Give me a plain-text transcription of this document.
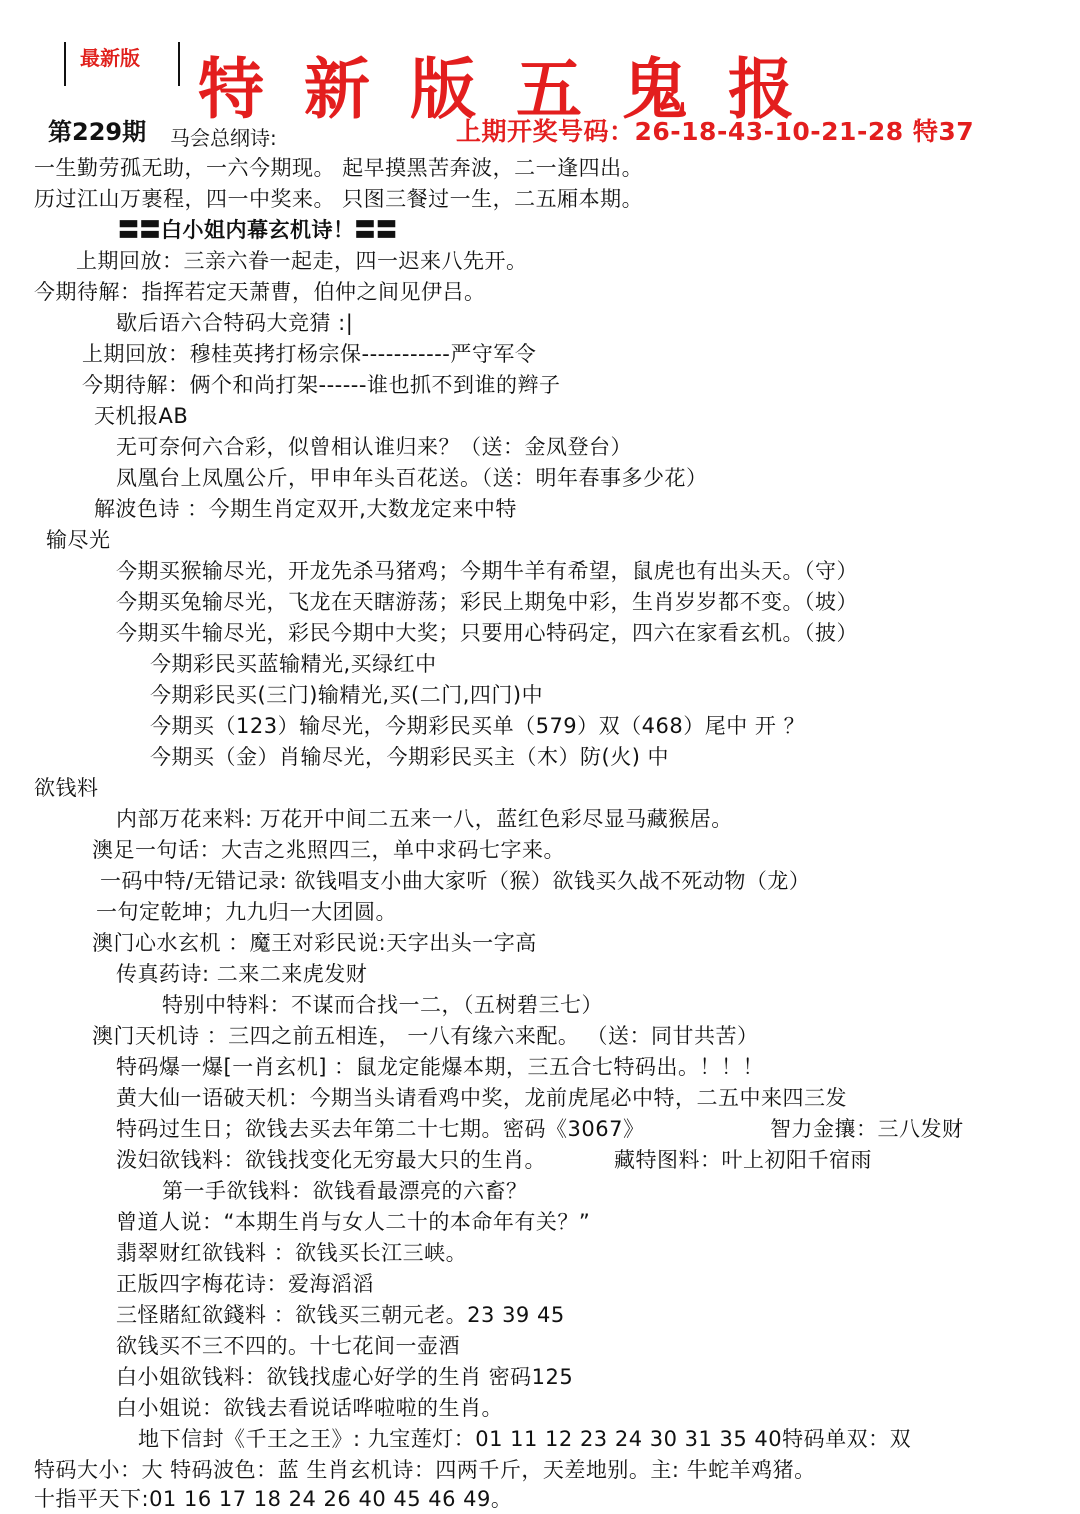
最新版 特新版五鬼报
第229期 马会总纲诗:	上期开奖号码：26-18-43-10-21-28 特37
一生勤劳孤无助，一六今期现。 起早摸黑苦奔波，二一逢四出。
历过江山万裹程，四一中奖来。 只图三餐过一生，二五厢本期。
〓〓白小姐内幕玄机诗！〓〓
上期回放：三亲六眷一起走，四一迟来八先开。
今期待解：指挥若定天萧曹，伯仲之间见伊吕。
歇后语六合特码大竞猜 :|
上期回放：穆桂英拷打杨宗保-----------严守军令
今期待解：俩个和尚打架------谁也抓不到谁的辫子
天机报AB
无可奈何六合彩，似曾相认谁归来？（送：金凤登台）
凤凰台上凤凰公斤，甲申年头百花送。（送：明年春事多少花）
解波色诗 ：今期生肖定双开,大数龙定来中特
输尽光
今期买猴输尽光，开龙先杀马猪鸡；今期牛羊有希望，鼠虎也有出头天。（守）
今期买兔输尽光，飞龙在天瞎游荡；彩民上期兔中彩，生肖岁岁都不变。（坡）
今期买牛输尽光，彩民今期中大奖；只要用心特码定，四六在家看玄机。（披）
今期彩民买蓝输精光,买绿红中
今期彩民买(三门)输精光,买(二门,四门)中
今期买（123）输尽光，今期彩民买单（579）双（468）尾中 开 ？
今期买（金）肖输尽光，今期彩民买主（木）防(火) 中
欲钱料
内部万花来料: 万花开中间二五来一八，蓝红色彩尽显马藏猴居。
澳足一句话：大吉之兆照四三，单中求码七字来。
一码中特/无错记录: 欲钱唱支小曲大家听（猴）欲钱买久战不死动物（龙）
一句定乾坤；九九归一大团圆。
澳门心水玄机 ：魔王对彩民说:天字出头一字高
传真药诗: 二来二来虎发财
特别中特料：不谋而合找一二，（五树碧三七）
澳门天机诗 ：三四之前五相连， 一八有缘六来配。 （送：同甘共苦）
特码爆一爆[一肖玄机] ：鼠龙定能爆本期，三五合七特码出。！！！
黄大仙一语破天机：今期当头请看鸡中奖，龙前虎尾必中特，二五中来四三发
特码过生日；欲钱去买去年第二十七期。密码《3067》	智力金攘：三八发财
泼妇欲钱料：欲钱找变化无穷最大只的生肖。	藏特图料：叶上初阳千宿雨
第一手欲钱料：欲钱看最漂亮的六畜？
曾道人说：“本期生肖与女人二十的本命年有关？”
翡翠财红欲钱料 ：欲钱买长江三峡。
正版四字梅花诗：爱海滔滔
三怪賭紅欲錢料 ：欲钱买三朝元老。23 39 45
欲钱买不三不四的。十七花间一壶酒
白小姐欲钱料：欲钱找虚心好学的生肖 密码125
白小姐说：欲钱去看说话哗啦啦的生肖。
地下信封《千王之王》: 九宝莲灯：01 11 12 23 24 30 31 35 40特码单双：双
特码大小：大 特码波色：蓝 生肖玄机诗：四两千斤，天差地别。主: 牛蛇羊鸡猪。
十指平天下:01 16 17 18 24 26 40 45 46 49。
